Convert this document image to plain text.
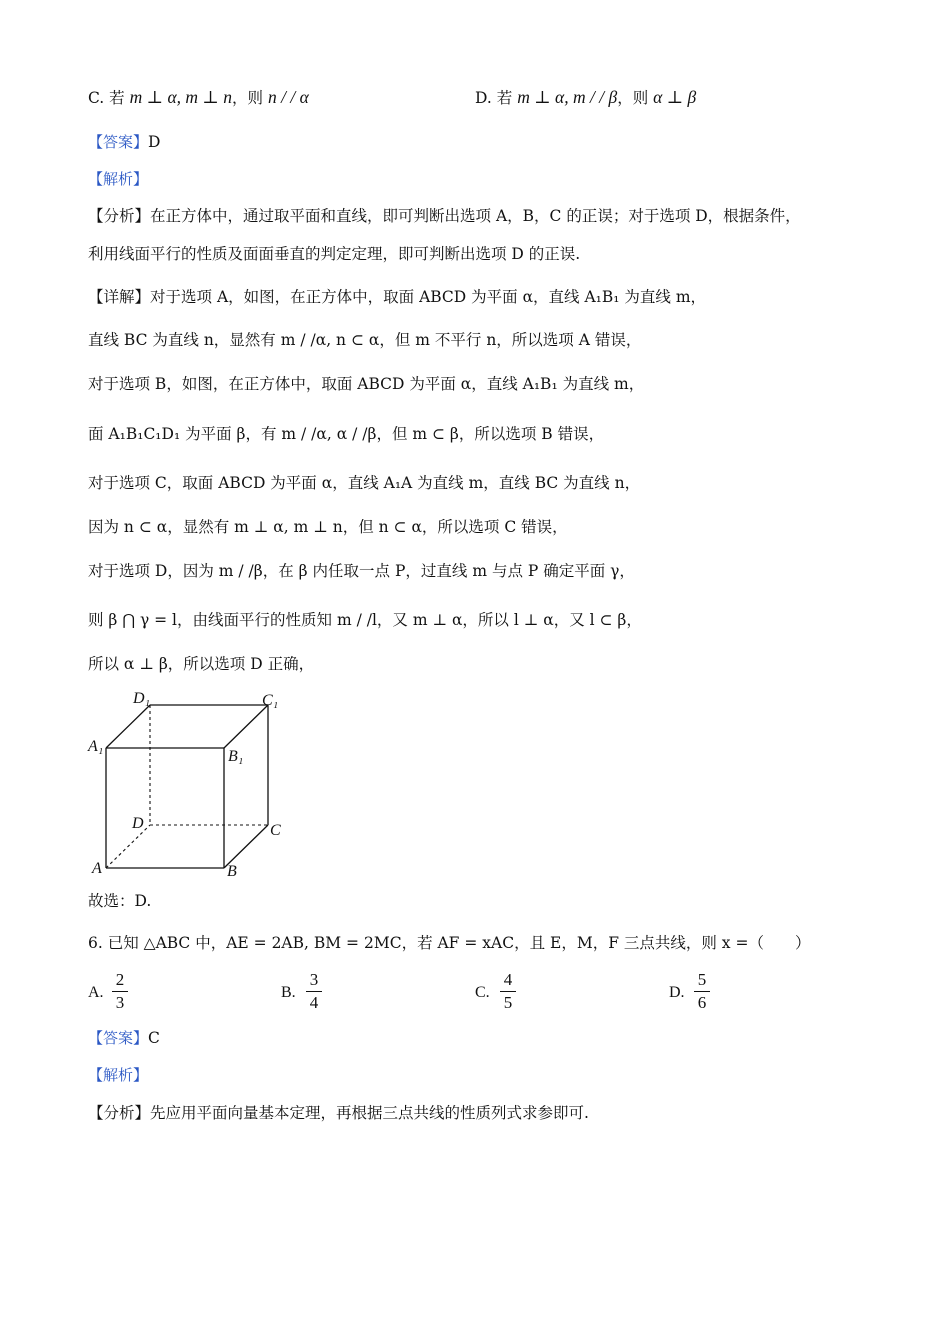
C. 若 m ⊥ α, m ⊥ n，则 n / / α	D. 若 m ⊥ α, m / / β，则 α ⊥ β
【答案】D
【解析】
【分析】在正方体中，通过取平面和直线，即可判断出选项 A，B，C 的正误；对于选项 D，根据条件，
利用线面平行的性质及面面垂直的判定定理，即可判断出选项 D 的正误.
【详解】对于选项 A，如图，在正方体中，取面 ABCD 为平面 α，直线 A₁B₁ 为直线 m，
直线 BC 为直线 n，显然有 m / /α, n ⊂ α，但 m 不平行 n，所以选项 A 错误，
对于选项 B，如图，在正方体中，取面 ABCD 为平面 α，直线 A₁B₁ 为直线 m，
面 A₁B₁C₁D₁ 为平面 β，有 m / /α, α / /β，但 m ⊂ β，所以选项 B 错误，
对于选项 C，取面 ABCD 为平面 α，直线 A₁A 为直线 m，直线 BC 为直线 n，
因为 n ⊂ α，显然有 m ⊥ α, m ⊥ n，但 n ⊂ α，所以选项 C 错误，
对于选项 D，因为 m / /β，在 β 内任取一点 P，过直线 m 与点 P 确定平面 γ，
则 β ⋂ γ = l，由线面平行的性质知 m / /l，又 m ⊥ α，所以 l ⊥ α，又 l ⊂ β，
所以 α ⊥ β，所以选项 D 正确，
D₁	C₁
A₁
B₁
D	C
A	B
故选：D.
6. 已知 △ABC 中，AE = 2AB, BM = 2MC，若 AF = xAC，且 E，M，F 三点共线，则 x =（　　）
A.
2
3
B.
3
4
C.
4
5
D.
5
6
【答案】C
【解析】
【分析】先应用平面向量基本定理，再根据三点共线的性质列式求参即可.
